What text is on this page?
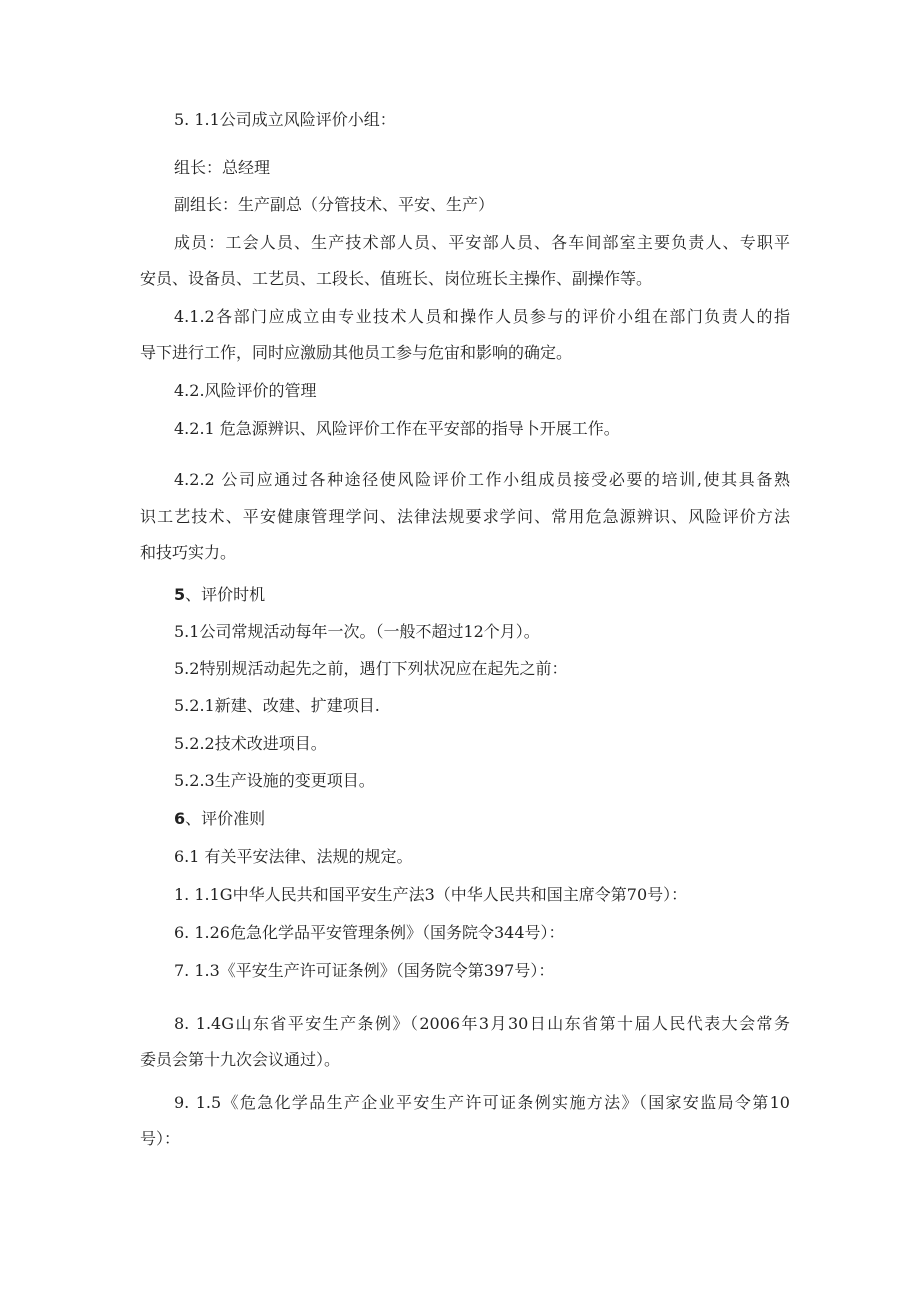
5. 1.1公司成立风险评价小组：
组长：总经理
副组长：生产副总（分管技术、平安、生产）
成员：工会人员、生产技术部人员、平安部人员、各车间部室主要负责人、专职平
安员、设备员、工艺员、工段长、值班长、岗位班长主操作、副操作等。
4.1.2各部门应成立由专业技术人员和操作人员参与的评价小组在部门负责人的指
导下进行工作，同时应激励其他员工参与危宙和影响的确定。
4.2.风险评价的管理
4.2.1 危急源辨识、风险评价工作在平安部的指导卜开展工作。
4.2.2 公司应通过各种途径使风险评价工作小组成员接受必要的培训,使其具备熟
识工艺技术、平安健康管理学问、法律法规要求学问、常用危急源辨识、风险评价方法
和技巧实力。
5、评价时机
5.1公司常规活动每年一次。（一般不超过12个月）。
5.2特别规活动起先之前，遇仃下列状况应在起先之前：
5.2.1新建、改建、扩建项目.
5.2.2技术改进项目。
5.2.3生产设施的变更项目。
6、评价准则
6.1 有关平安法律、法规的规定。
1. 1.1G中华人民共和国平安生产法3（中华人民共和国主席令第70号）：
6. 1.26危急化学品平安管理条例》（国务院令344号）：
7. 1.3《平安生产许可证条例》（国务院令第397号）：
8. 1.4G山东省平安生产条例》（2006年3月30日山东省第十届人民代表大会常务
委员会第十九次会议通过）。
9. 1.5《危急化学品生产企业平安生产许可证条例实施方法》（国家安监局令第10
号）：
